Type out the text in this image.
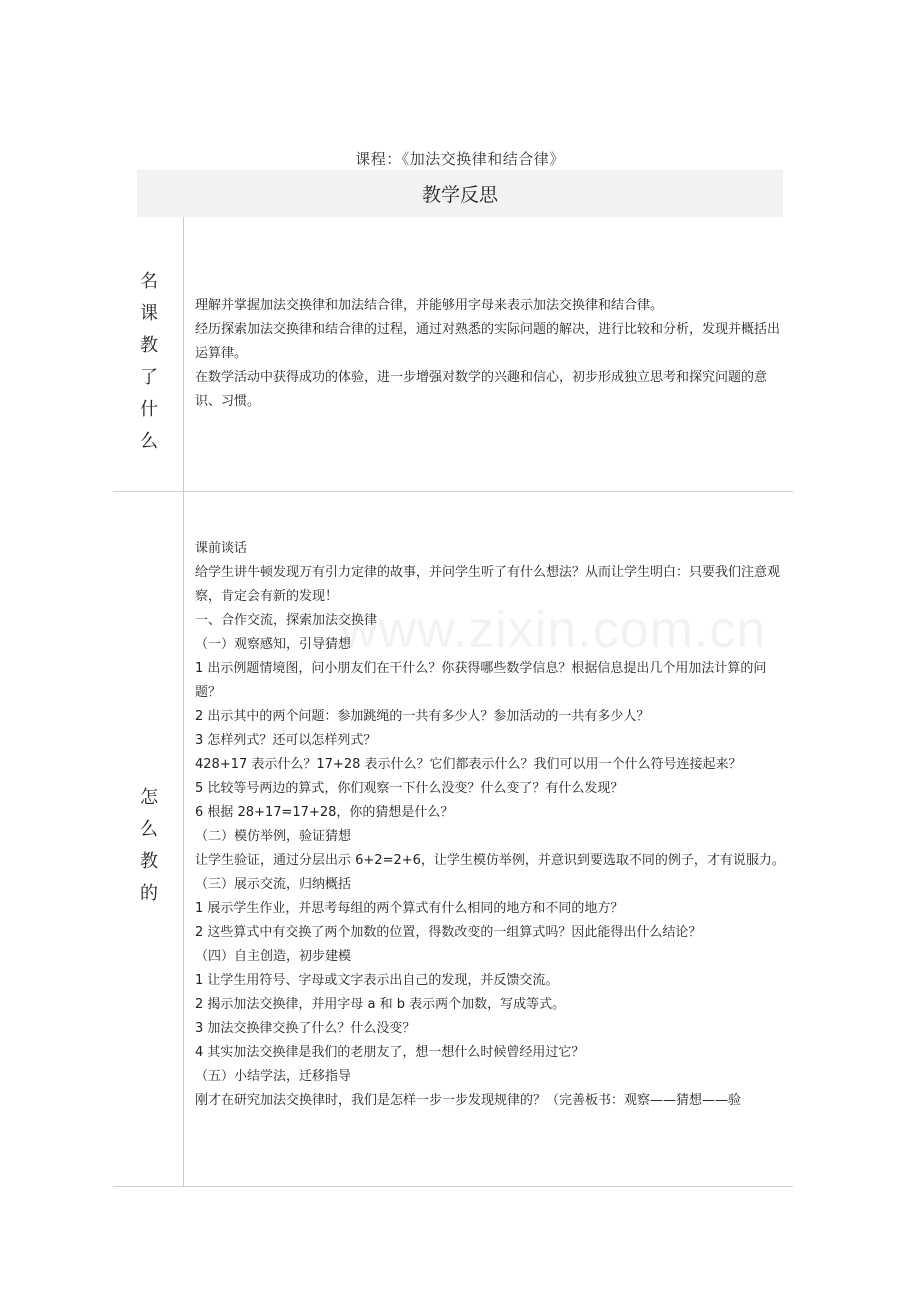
课程：《加法交换律和结合律》
教学反思
名
课
教
了
什
么

理解并掌握加法交换律和加法结合律，并能够用字母来表示加法交换律和结合律。

经历探索加法交换律和结合律的过程，通过对熟悉的实际问题的解决，进行比较和分析，发现并概括出运算律。

在数学活动中获得成功的体验，进一步增强对数学的兴趣和信心，初步形成独立思考和探究问题的意识、习惯。

www.zixin.com.cn
怎
么
教
的

课前谈话

给学生讲牛顿发现万有引力定律的故事，并问学生听了有什么想法？从而让学生明白：只要我们注意观察，肯定会有新的发现！

一、合作交流，探索加法交换律

（一）观察感知，引导猜想

1 出示例题情境图，问小朋友们在干什么？你获得哪些数学信息？根据信息提出几个用加法计算的问题？

2 出示其中的两个问题：参加跳绳的一共有多少人？参加活动的一共有多少人？

3 怎样列式？还可以怎样列式？

428+17 表示什么？17+28 表示什么？它们都表示什么？我们可以用一个什么符号连接起来？

5 比较等号两边的算式，你们观察一下什么没变？什么变了？有什么发现？

6 根据 28+17=17+28，你的猜想是什么？

（二）模仿举例，验证猜想

让学生验证，通过分层出示 6+2=2+6，让学生模仿举例，并意识到要选取不同的例子，才有说服力。

（三）展示交流，归纳概括

1 展示学生作业，并思考每组的两个算式有什么相同的地方和不同的地方？

2 这些算式中有交换了两个加数的位置，得数改变的一组算式吗？因此能得出什么结论？

（四）自主创造，初步建模

1 让学生用符号、字母或文字表示出自己的发现，并反馈交流。

2 揭示加法交换律，并用字母 a 和 b 表示两个加数，写成等式。

3 加法交换律交换了什么？什么没变？

4 其实加法交换律是我们的老朋友了，想一想什么时候曾经用过它？

（五）小结学法，迁移指导

刚才在研究加法交换律时，我们是怎样一步一步发现规律的？（完善板书：观察——猜想——验
